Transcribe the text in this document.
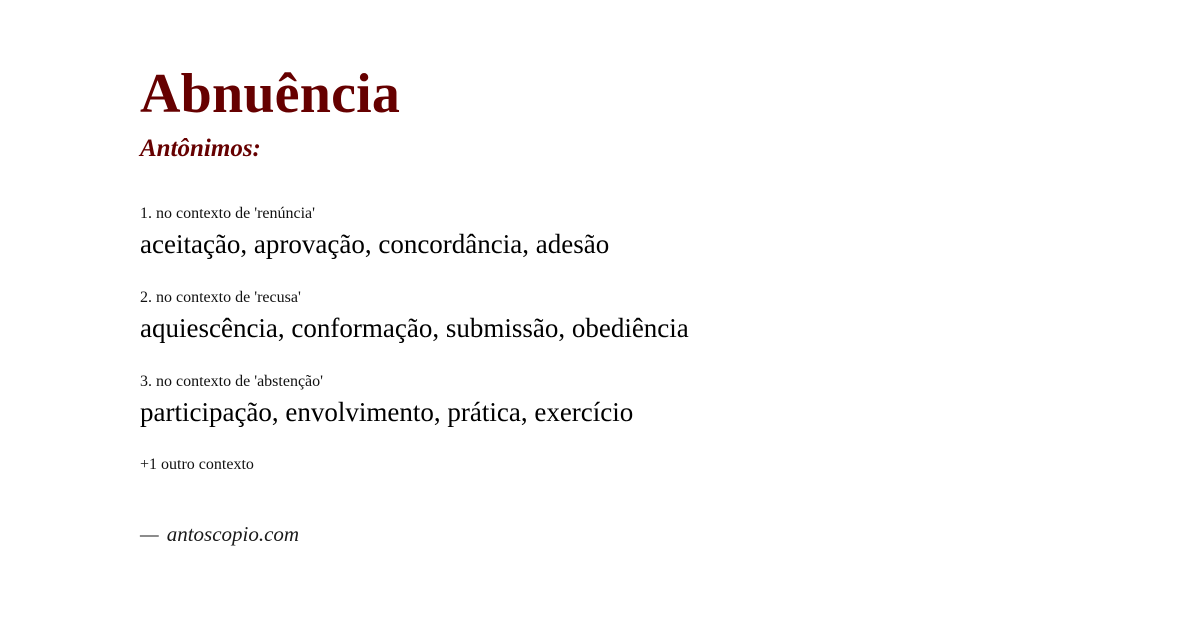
Abnuência
Antônimos:
1. no contexto de 'renúncia'
aceitação, aprovação, concordância, adesão
2. no contexto de 'recusa'
aquiescência, conformação, submissão, obediência
3. no contexto de 'abstenção'
participação, envolvimento, prática, exercício
+1 outro contexto
— antoscopio.com
